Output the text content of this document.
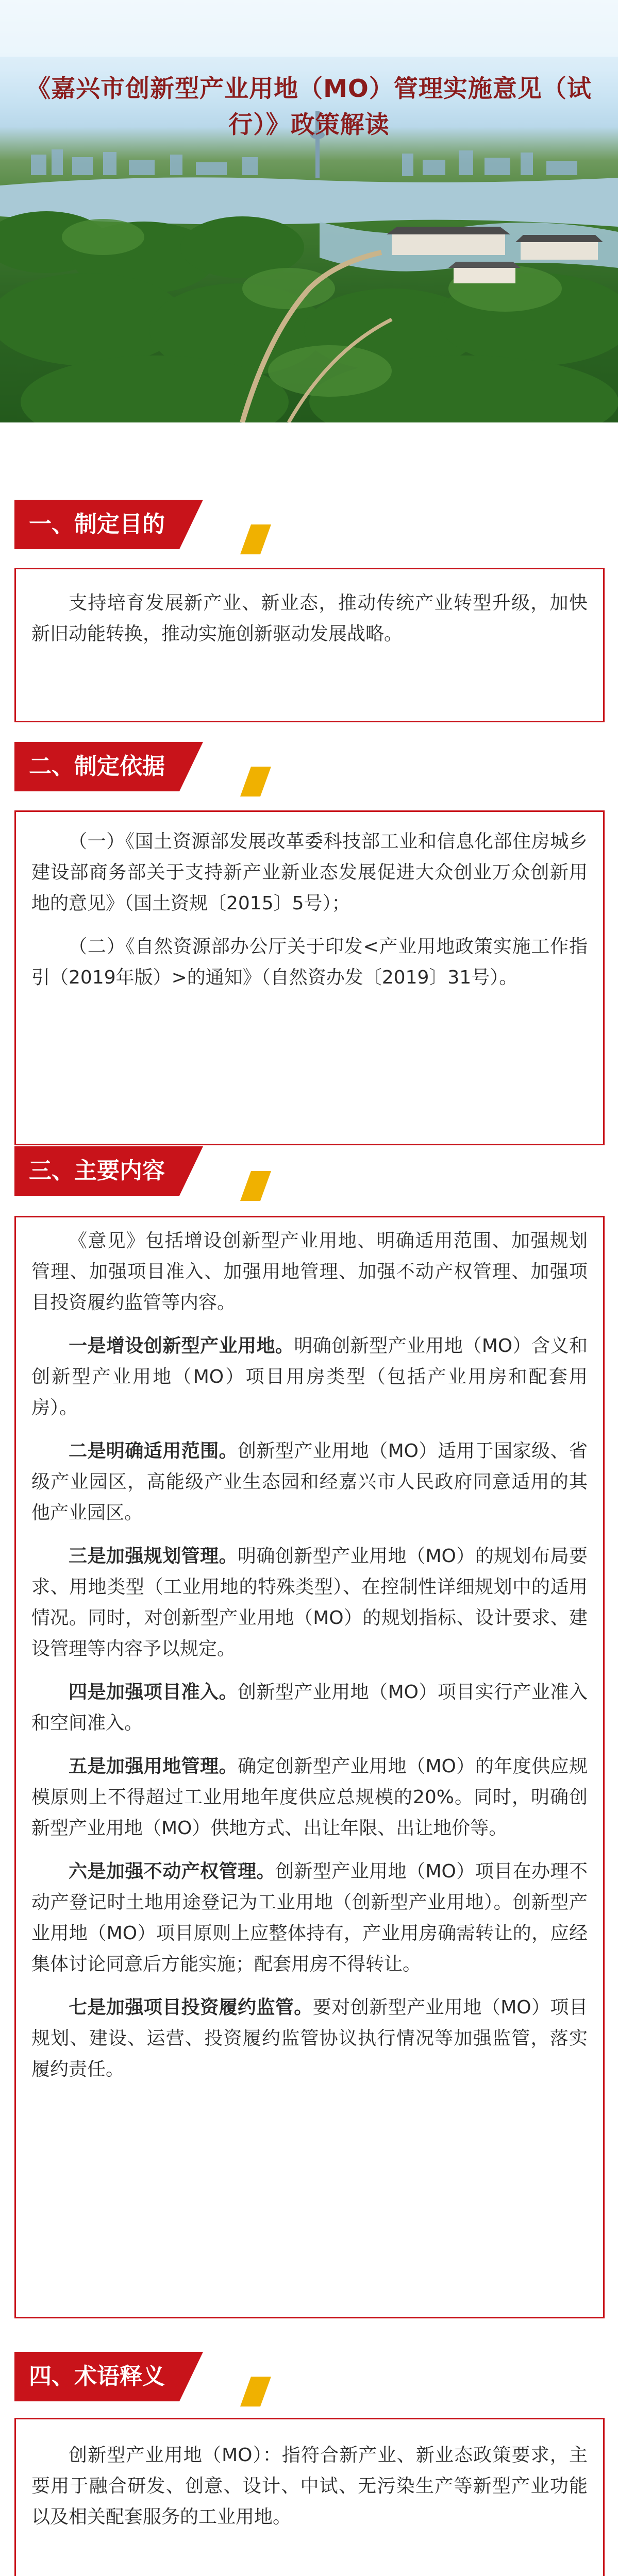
《嘉兴市创新型产业用地（MO）管理实施意见（试行）》政策解读
一、制定目的

支持培育发展新产业、新业态，推动传统产业转型升级，加快新旧动能转换，推动实施创新驱动发展战略。

二、制定依据

（一）《国土资源部发展改革委科技部工业和信息化部住房城乡建设部商务部关于支持新产业新业态发展促进大众创业万众创新用地的意见》（国土资规〔2015〕5号）；

（二）《自然资源部办公厅关于印发<产业用地政策实施工作指引（2019年版）>的通知》（自然资办发〔2019〕31号）。

三、主要内容

《意见》包括增设创新型产业用地、明确适用范围、加强规划管理、加强项目准入、加强用地管理、加强不动产权管理、加强项目投资履约监管等内容。

一是增设创新型产业用地。明确创新型产业用地（MO）含义和创新型产业用地（MO）项目用房类型（包括产业用房和配套用房）。

二是明确适用范围。创新型产业用地（MO）适用于国家级、省级产业园区，高能级产业生态园和经嘉兴市人民政府同意适用的其他产业园区。

三是加强规划管理。明确创新型产业用地（MO）的规划布局要求、用地类型（工业用地的特殊类型）、在控制性详细规划中的适用情况。同时，对创新型产业用地（MO）的规划指标、设计要求、建设管理等内容予以规定。

四是加强项目准入。创新型产业用地（MO）项目实行产业准入和空间准入。

五是加强用地管理。确定创新型产业用地（MO）的年度供应规模原则上不得超过工业用地年度供应总规模的20%。同时，明确创新型产业用地（MO）供地方式、出让年限、出让地价等。

六是加强不动产权管理。创新型产业用地（MO）项目在办理不动产登记时土地用途登记为工业用地（创新型产业用地）。创新型产业用地（MO）项目原则上应整体持有，产业用房确需转让的，应经集体讨论同意后方能实施；配套用房不得转让。

七是加强项目投资履约监管。要对创新型产业用地（MO）项目规划、建设、运营、投资履约监管协议执行情况等加强监管，落实履约责任。

四、术语释义

创新型产业用地（MO）：指符合新产业、新业态政策要求，主要用于融合研发、创意、设计、中试、无污染生产等新型产业功能以及相关配套服务的工业用地。
